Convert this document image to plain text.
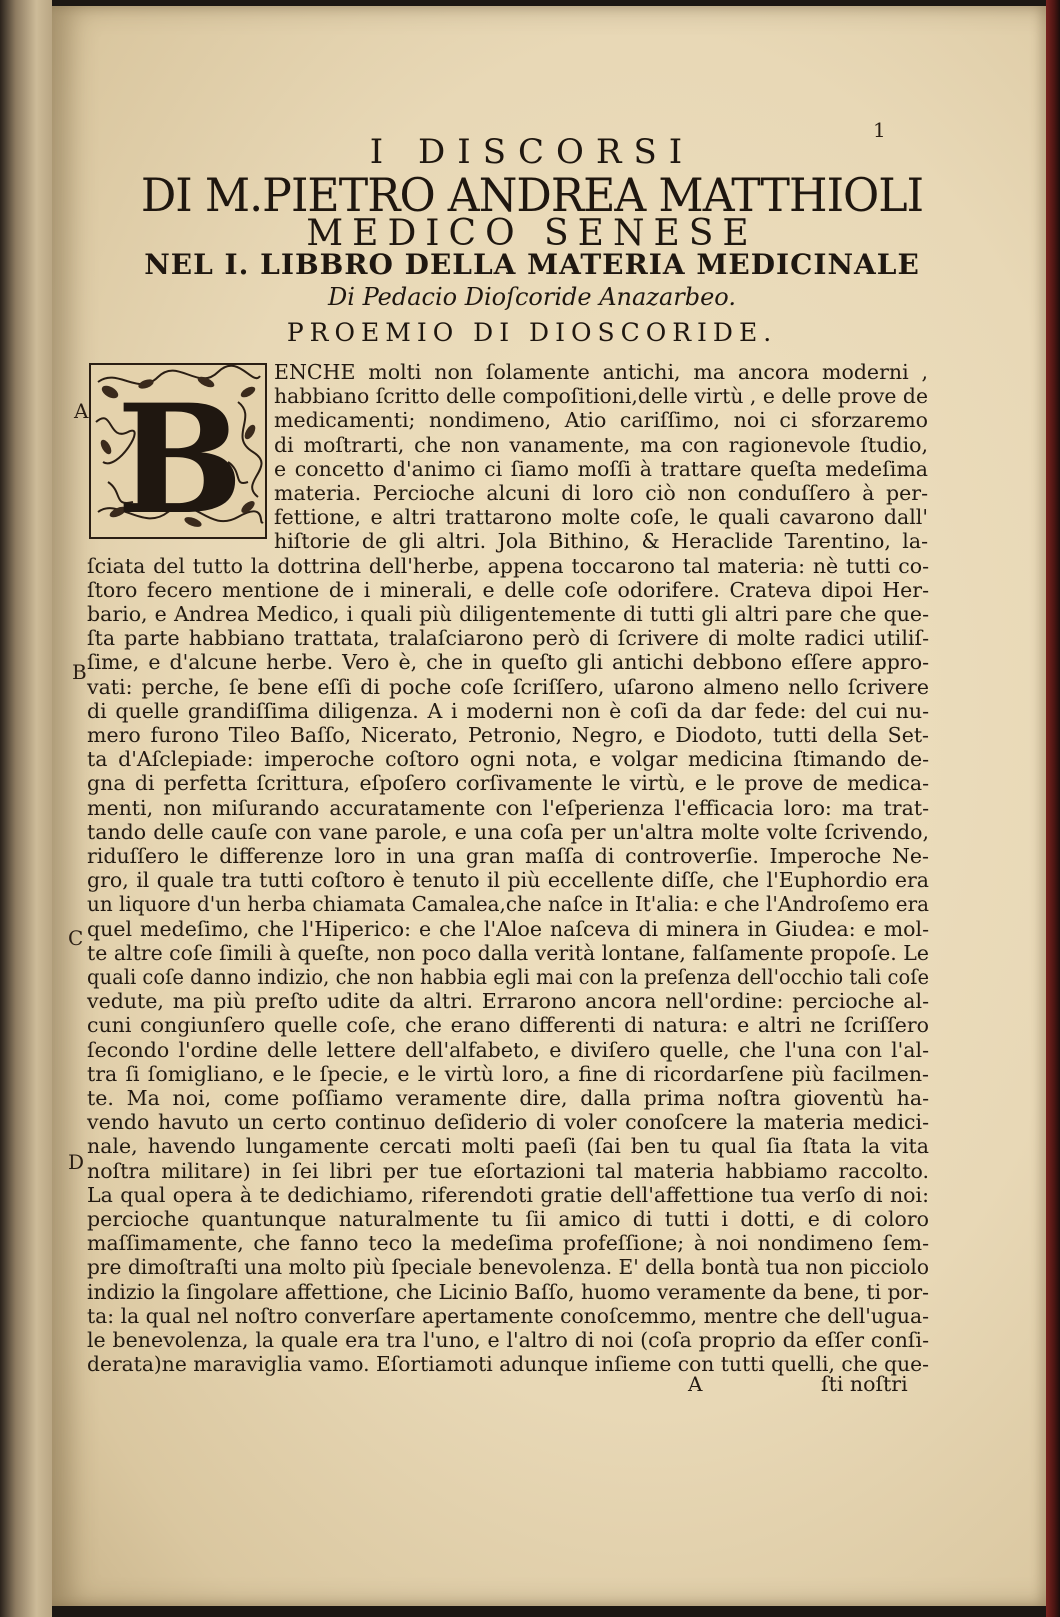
1
I DISCORSI
DI M.PIETRO ANDREA MATTHIOLI
MEDICO SENESE
NEL I. LIBBRO DELLA MATERIA MEDICINALE
Di Pedacio Dioſcoride Anazarbeo.
PROEMIO DI DIOSCORIDE.
B
A
B
C
D
ENCHE molti non ſolamente antichi, ma ancora moderni ,
habbiano ſcritto delle compoſitioni,delle virtù , e delle prove de
medicamenti; nondimeno, Atio cariſſimo, noi ci sforzaremo
di moſtrarti, che non vanamente, ma con ragionevole ſtudio,
e concetto d'animo ci ſiamo moſſi à trattare queſta medeſima
materia. Percioche alcuni di loro ciò non conduſſero à per-
fettione, e altri trattarono molte coſe, le quali cavarono dall'
hiſtorie de gli altri. Jola Bithino, & Heraclide Tarentino, la-
ſciata del tutto la dottrina dell'herbe, appena toccarono tal materia: nè tutti co-
ſtoro fecero mentione de i minerali, e delle coſe odorifere. Crateva dipoi Her-
bario, e Andrea Medico, i quali più diligentemente di tutti gli altri pare che que-
ſta parte habbiano trattata, tralaſciarono però di ſcrivere di molte radici utiliſ-
ſime, e d'alcune herbe. Vero è, che in queſto gli antichi debbono eſſere appro-
vati: perche, ſe bene eſſi di poche coſe ſcriſſero, uſarono almeno nello ſcrivere
di quelle grandiſſima diligenza. A i moderni non è coſi da dar fede: del cui nu-
mero furono Tileo Baſſo, Nicerato, Petronio, Negro, e Diodoto, tutti della Set-
ta d'Aſclepiade: imperoche coſtoro ogni nota, e volgar medicina ſtimando de-
gna di perfetta ſcrittura, eſpoſero corſivamente le virtù, e le prove de medica-
menti, non miſurando accuratamente con l'eſperienza l'efficacia loro: ma trat-
tando delle cauſe con vane parole, e una coſa per un'altra molte volte ſcrivendo,
riduſſero le differenze loro in una gran maſſa di controverſie. Imperoche Ne-
gro, il quale tra tutti coſtoro è tenuto il più eccellente diſſe, che l'Euphordio era
un liquore d'un herba chiamata Camalea,che naſce in It'alia: e che l'Androſemo era
quel medeſimo, che l'Hiperico: e che l'Aloe naſceva di minera in Giudea: e mol-
te altre coſe ſimili à queſte, non poco dalla verità lontane, falſamente propoſe. Le
quali coſe danno indizio, che non habbia egli mai con la preſenza dell'occhio tali coſe
vedute, ma più preſto udite da altri. Errarono ancora nell'ordine: percioche al-
cuni congiunſero quelle coſe, che erano differenti di natura: e altri ne ſcriſſero
ſecondo l'ordine delle lettere dell'alfabeto, e diviſero quelle, che l'una con l'al-
tra ſi ſomigliano, e le ſpecie, e le virtù loro, a fine di ricordarſene più facilmen-
te. Ma noi, come poſſiamo veramente dire, dalla prima noſtra gioventù ha-
vendo havuto un certo continuo deſiderio di voler conoſcere la materia medici-
nale, havendo lungamente cercati molti paeſi (ſai ben tu qual ſia ſtata la vita
noſtra militare) in ſei libri per tue eſortazioni tal materia habbiamo raccolto.
La qual opera à te dedichiamo, riferendoti gratie dell'affettione tua verſo di noi:
percioche quantunque naturalmente tu ſii amico di tutti i dotti, e di coloro
maſſimamente, che fanno teco la medeſima profeſſione; à noi nondimeno ſem-
pre dimoſtraſti una molto più ſpeciale benevolenza. E' della bontà tua non picciolo
indizio la ſingolare affettione, che Licinio Baſſo, huomo veramente da bene, ti por-
ta: la qual nel noſtro converſare apertamente conoſcemmo, mentre che dell'ugua-
le benevolenza, la quale era tra l'uno, e l'altro di noi (coſa proprio da eſſer conſi-
derata)ne maraviglia vamo. Eſortiamoti adunque inſieme con tutti quelli, che que-
A	ſti noſtri
